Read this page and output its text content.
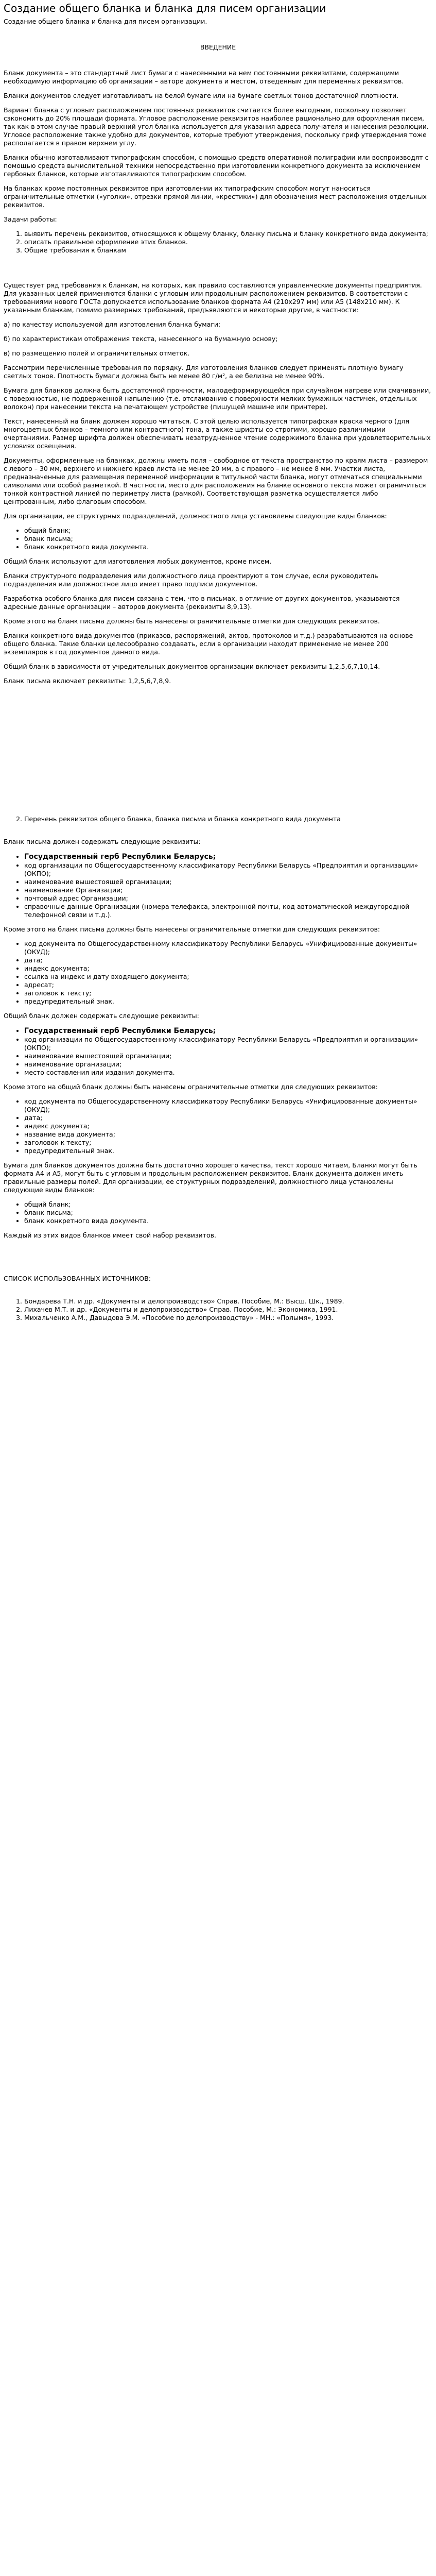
Создание общего бланка и бланка для писем организации

Создание общего бланка и бланка для писем организации.

ВВЕДЕНИЕ

Бланк документа – это стандартный лист бумаги с нанесенными на нем постоянными реквизитами, содержащими необходимую информацию об организации – авторе документа и местом, отведенным для переменных реквизитов.

Бланки документов следует изготавливать на белой бумаге или на бумаге светлых тонов достаточной плотности.

Вариант бланка с угловым расположением постоянных реквизитов считается более выгодным, поскольку позволяет сэкономить до 20% площади формата. Угловое расположение реквизитов наиболее рационально для оформления писем, так как в этом случае правый верхний угол бланка используется для указания адреса получателя и нанесения резолюции. Угловое расположение также удобно для документов, которые требуют утверждения, поскольку гриф утверждения тоже располагается в правом верхнем углу.

Бланки обычно изготавливают типографским способом, с помощью средств оперативной полиграфии или воспроизводят с помощью средств вычислительной техники непосредственно при изготовлении конкретного документа за исключением гербовых бланков, которые изготавливаются типографским способом.

На бланках кроме постоянных реквизитов при изготовлении их типографским способом могут наноситься ограничительные отметки («уголки», отрезки прямой линии, «крестики») для обозначения мест расположения отдельных реквизитов.

Задачи работы:

1. выявить перечень реквизитов, относящихся к общему бланку, бланку письма и бланку конкретного вида документа;
2. описать правильное оформление этих бланков.
3. Общие требования к бланкам

Существует ряд требования к бланкам, на которых, как правило составляются управленческие документы предприятия. Для указанных целей применяются бланки с угловым или продольным расположением реквизитов. В соответствии с требованиями нового ГОСТа допускается использование бланков формата А4 (210х297 мм) или А5 (148х210 мм). К указанным бланкам, помимо размерных требований, предъявляются и некоторые другие, в частности:

а) по качеству используемой для изготовления бланка бумаги;

б) по характеристикам отображения текста, нанесенного на бумажную основу;

в) по размещению полей и ограничительных отметок.

Рассмотрим перечисленные требования по порядку. Для изготовления бланков следует применять плотную бумагу светлых тонов. Плотность бумаги должна быть не менее 80 г/м², а ее белизна не менее 90%.

Бумага для бланков должна быть достаточной прочности, малодеформирующейся при случайном нагреве или смачивании, с поверхностью, не подверженной напылению (т.е. отслаиванию с поверхности мелких бумажных частичек, отдельных волокон) при нанесении текста на печатающем устройстве (пишущей машине или принтере).

Текст, нанесенный на бланк должен хорошо читаться. С этой целью используется типографская краска черного (для многоцветных бланков – темного или контрастного) тона, а также шрифты со строгими, хорошо различимыми очертаниями. Размер шрифта должен обеспечивать незатрудненное чтение содержимого бланка при удовлетворительных условиях освещения.

Документы, оформленные на бланках, должны иметь поля – свободное от текста пространство по краям листа – размером с левого – 30 мм, верхнего и нижнего краев листа не менее 20 мм, а с правого – не менее 8 мм. Участки листа, предназначенные для размещения переменной информации в титульной части бланка, могут отмечаться специальными символами или особой разметкой. В частности, место для расположения на бланке основного текста может ограничиться тонкой контрастной линией по периметру листа (рамкой). Соответствующая разметка осуществляется либо центрованным, либо флаговым способом.

Для организации, ее структурных подразделений, должностного лица установлены следующие виды бланков:

• общий бланк;
• бланк письма;
• бланк конкретного вида документа.

Общий бланк используют для изготовления любых документов, кроме писем.

Бланки структурного подразделения или должностного лица проектируют в том случае, если руководитель подразделения или должностное лицо имеет право подписи документов.

Разработка особого бланка для писем связана с тем, что в письмах, в отличие от других документов, указываются адресные данные организации – авторов документа (реквизиты 8,9,13).

Кроме этого на бланк письма должны быть нанесены ограничительные отметки для следующих реквизитов.

Бланки конкретного вида документов (приказов, распоряжений, актов, протоколов и т.д.) разрабатываются на основе общего бланка. Такие бланки целесообразно создавать, если в организации находит применение не менее 200 экземпляров в год документов данного вида.

Общий бланк в зависимости от учредительных документов организации включает реквизиты 1,2,5,6,7,10,14.

Бланк письма включает реквизиты: 1,2,5,6,7,8,9.

2. Перечень реквизитов общего бланка, бланка письма и бланка конкретного вида документа

Бланк письма должен содержать следующие реквизиты:

• Государственный герб Республики Беларусь;
• код организации по Общегосударственному классификатору Республики Беларусь «Предприятия и организации» (ОКПО);
• наименование вышестоящей организации;
• наименование Организации;
• почтовый адрес Организации;
• справочные данные Организации (номера телефакса, электронной почты, код автоматической междугородной телефонной связи и т.д.).

Кроме этого на бланк письма должны быть нанесены ограничительные отметки для следующих реквизитов:

• код документа по Общегосударственному классификатору Республики Беларусь «Унифицированные документы» (ОКУД);
• дата;
• индекс документа;
• ссылка на индекс и дату входящего документа;
• адресат;
• заголовок к тексту;
• предупредительный знак.

Общий бланк должен содержать следующие реквизиты:

• Государственный герб Республики Беларусь;
• код организации по Общегосударственному классификатору Республики Беларусь «Предприятия и организации» (ОКПО);
• наименование вышестоящей организации;
• наименование организации;
• место составления или издания документа.

Кроме этого на общий бланк должны быть нанесены ограничительные отметки для следующих реквизитов:

• код документа по Общегосударственному классификатору Республики Беларусь «Унифицированные документы» (ОКУД);
• дата;
• индекс документа;
• название вида документа;
• заголовок к тексту;
• предупредительный знак.

Бумага для бланков документов должна быть достаточно хорошего качества, текст хорошо читаем, Бланки могут быть формата А4 и А5, могут быть с угловым и продольным расположением реквизитов. Бланк документа должен иметь правильные размеры полей. Для организации, ее структурных подразделений, должностного лица установлены следующие виды бланков:

• общий бланк;
• бланк письма;
• бланк конкретного вида документа.

Каждый из этих видов бланков имеет свой набор реквизитов.

СПИСОК ИСПОЛЬЗОВАННЫХ ИСТОЧНИКОВ:

1. Бондарева Т.Н. и др. «Документы и делопроизводство» Справ. Пособие, М.: Высш. Шк., 1989.
2. Лихачев М.Т. и др. «Документы и делопроизводство» Справ. Пособие, М.: Экономика, 1991.
3. Михальченко А.М., Давыдова Э.М. «Пособие по делопроизводству» - МН.: «Полымя», 1993.
